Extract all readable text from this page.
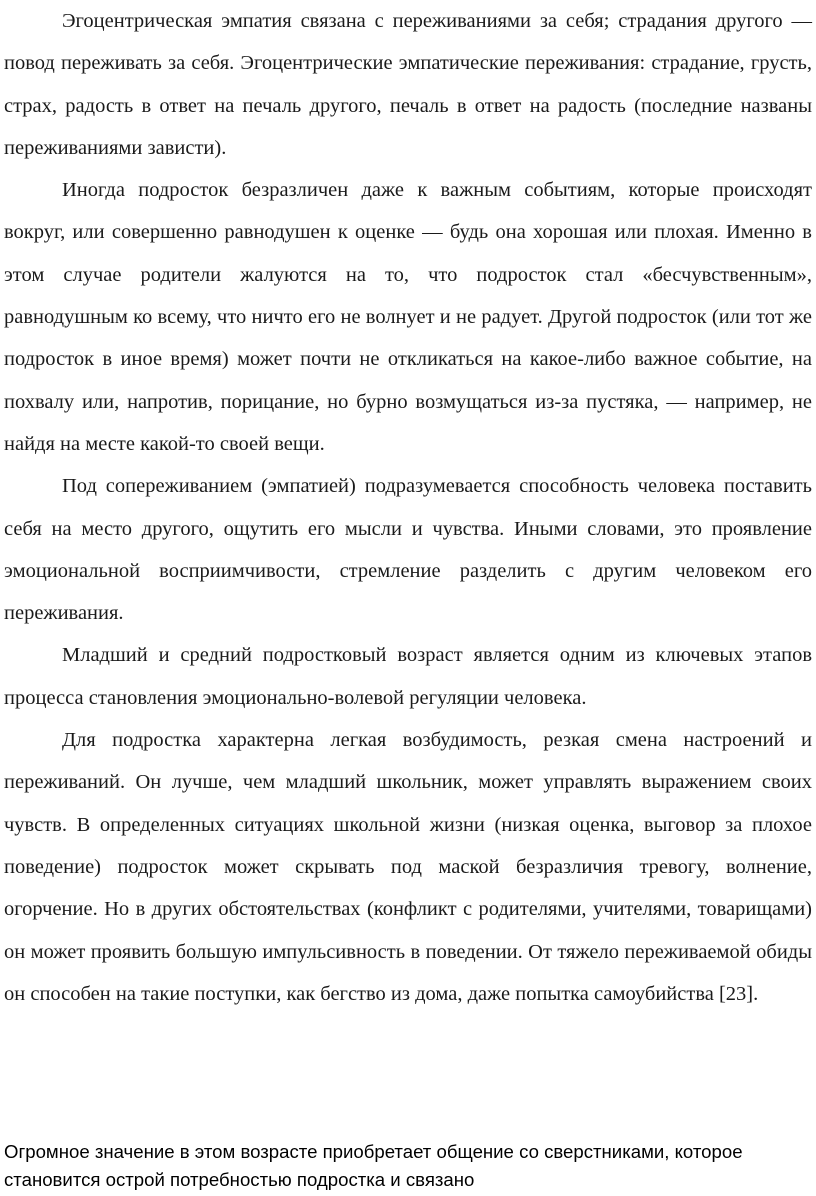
Эгоцентрическая эмпатия связана с переживаниями за себя; страдания другого — повод переживать за себя. Эгоцентрические эмпатические переживания: страдание, грусть, страх, радость в ответ на печаль другого, печаль в ответ на радость (последние названы переживаниями зависти).

Иногда подросток безразличен даже к важным событиям, которые происходят вокруг, или совершенно равнодушен к оценке — будь она хорошая или плохая. Именно в этом случае родители жалуются на то, что подросток стал «бесчувственным», равнодушным ко всему, что ничто его не волнует и не радует. Другой подросток (или тот же подросток в иное время) может почти не откликаться на какое-либо важное событие, на похвалу или, напротив, порицание, но бурно возмущаться из-за пустяка, — например, не найдя на месте какой-то своей вещи.

Под сопереживанием (эмпатией) подразумевается способность человека поставить себя на место другого, ощутить его мысли и чувства. Иными словами, это проявление эмоциональной восприимчивости, стремление разделить с другим человеком его переживания.

Младший и средний подростковый возраст является одним из ключевых этапов процесса становления эмоционально-волевой регуляции человека.

Для подростка характерна легкая возбудимость, резкая смена настроений и переживаний. Он лучше, чем младший школьник, может управлять выражением своих чувств. В определенных ситуациях школьной жизни (низкая оценка, выговор за плохое поведение) подросток может скрывать под маской безразличия тревогу, волнение, огорчение. Но в других обстоятельствах (конфликт с родителями, учителями, товарищами) он может проявить большую импульсивность в поведении. От тяжело переживаемой обиды он способен на такие поступки, как бегство из дома, даже попытка самоубийства [23].

Огромное значение в этом возрасте приобретает общение со сверстниками, которое становится острой потребностью подростка и связано
